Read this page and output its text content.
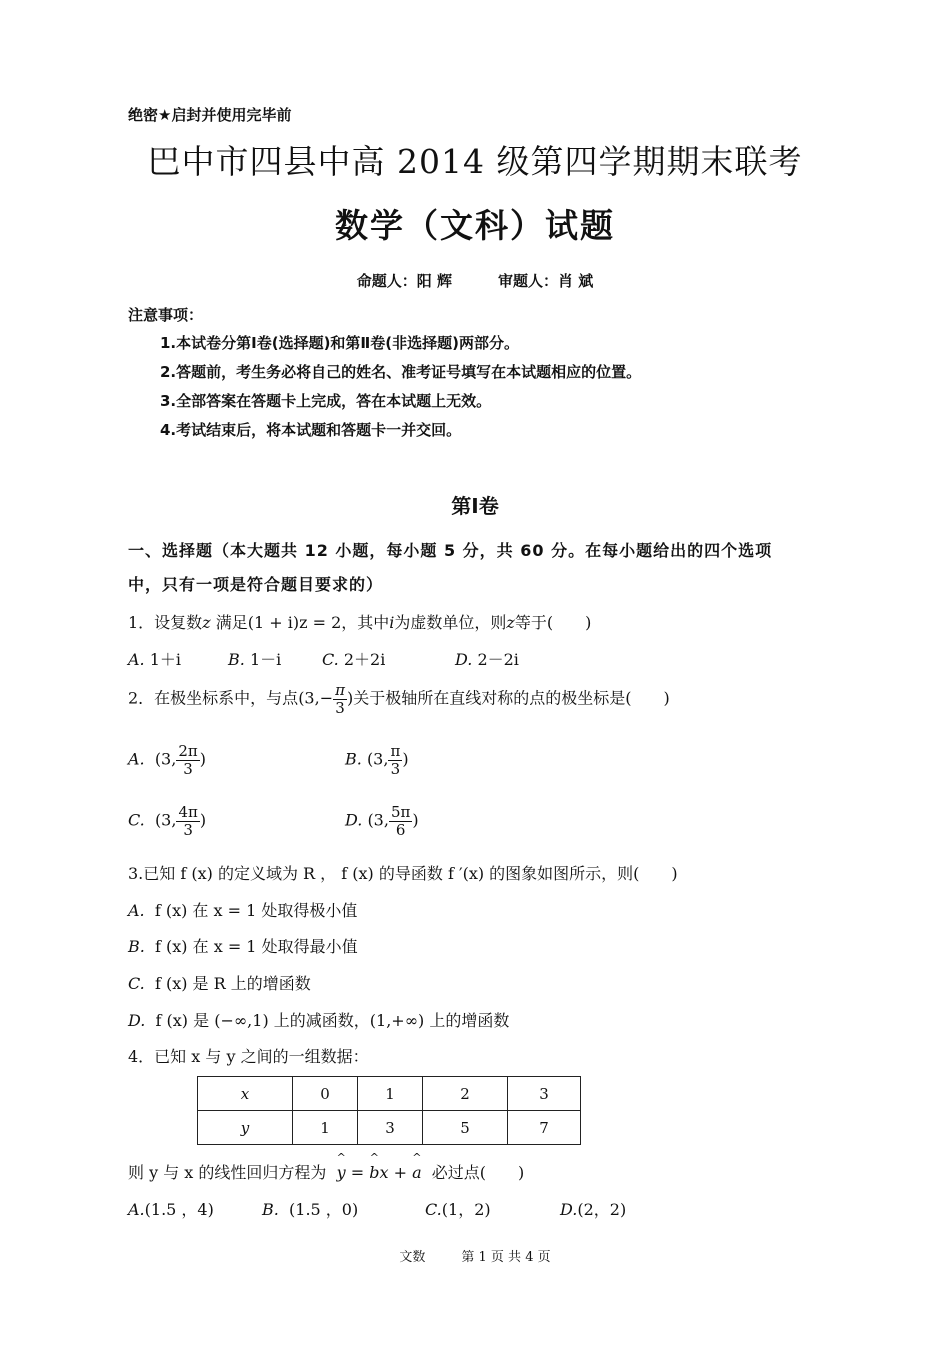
绝密★启封并使用完毕前
巴中市四县中高 2014 级第四学期期末联考
数学（文科）试题
命题人：阳 辉	审题人：肖 斌
注意事项：
1.本试卷分第Ⅰ卷(选择题)和第Ⅱ卷(非选择题)两部分。
2.答题前，考生务必将自己的姓名、准考证号填写在本试题相应的位置。
3.全部答案在答题卡上完成，答在本试题上无效。
4.考试结束后，将本试题和答题卡一并交回。
第Ⅰ卷
一、选择题（本大题共 12 小题，每小题 5 分，共 60 分。在每小题给出的四个选项
中，只有一项是符合题目要求的）
1．设复数z 满足(1 + i)z = 2，其中i为虚数单位，则z等于(　　)
A. 1＋i	B. 1－i	C. 2＋2i	D. 2－2i
2．在极坐标系中，与点($3,- \frac{\pi}{3}$ )关于极轴所在直线对称的点的极坐标是(　　)
A. (3, $\frac{2\pi}{3}$ )	B. (3, $\frac{\pi}{3}$ )
C. (3, $\frac{4\pi}{3}$ )	D. (3, $\frac{5\pi}{6}$ )
3.已知 f (x) 的定义域为 R ， f (x) 的导函数 f ′(x) 的图象如图所示，则(　　)
A. f (x) 在 x = 1 处取得极小值
B. f (x) 在 x = 1 处取得最小值
C. f (x) 是 R 上的增函数
D. f (x) 是 (−∞,1) 上的减函数，(1,+∞) 上的增函数
4．已知 x 与 y 之间的一组数据：
x	0	1	2	3
y	1	3	5	7
则 y 与 x 的线性回归方程为 ^ y = ^ bx + ^ a 必过点(　　)
A.(1.5 ，4)	B. (1.5 ，0)	C.(1，2)	D.(2，2)
文数	第 1 页 共 4 页
